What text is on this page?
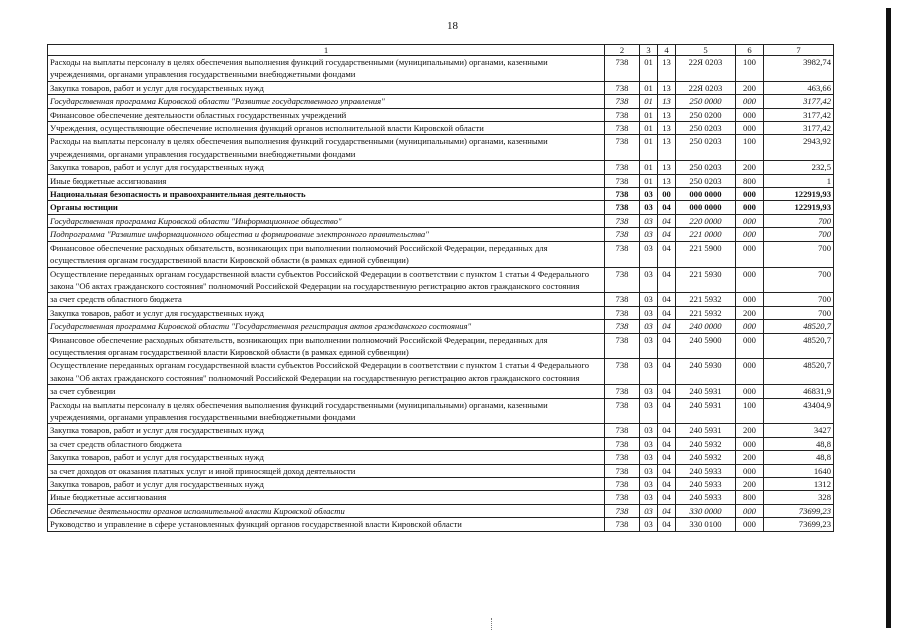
18
1	2	3	4	5	6	7
Расходы на выплаты персоналу в целях обеспечения выполнения функций государственными (муниципальными) органами, казенными учреждениями, органами управления государственными внебюджетными фондами	738	01	13	22Я 0203	100	3982,74
Закупка товаров, работ и услуг для государственных нужд	738	01	13	22Я 0203	200	463,66
Государственная программа Кировской области "Развитие государственного управления"	738	01	13	250 0000	000	3177,42
Финансовое обеспечение деятельности областных государственных учреждений	738	01	13	250 0200	000	3177,42
Учреждения, осуществляющие обеспечение исполнения функций органов исполнительной власти Кировской области	738	01	13	250 0203	000	3177,42
Расходы на выплаты персоналу в целях обеспечения выполнения функций государственными (муниципальными) органами, казенными учреждениями, органами управления государственными внебюджетными фондами	738	01	13	250 0203	100	2943,92
Закупка товаров, работ и услуг для государственных нужд	738	01	13	250 0203	200	232,5
Иные бюджетные ассигнования	738	01	13	250 0203	800	1
Национальная безопасность и правоохранительная деятельность	738	03	00	000 0000	000	122919,93
Органы юстиции	738	03	04	000 0000	000	122919,93
Государственная программа Кировской области "Информационное общество"	738	03	04	220 0000	000	700
Подпрограмма "Развитие информационного общества и формирование электронного правительства"	738	03	04	221 0000	000	700
Финансовое обеспечение расходных обязательств, возникающих при выполнении полномочий Российской Федерации, переданных для осуществления органам государственной власти Кировской области (в рамках единой субвенции)	738	03	04	221 5900	000	700
Осуществление переданных органам государственной власти субъектов Российской Федерации в соответствии с пунктом 1 статьи 4 Федерального закона "Об актах гражданского состояния" полномочий Российской Федерации на государственную регистрацию актов гражданского состояния	738	03	04	221 5930	000	700
за счет средств областного бюджета	738	03	04	221 5932	000	700
Закупка товаров, работ и услуг для государственных нужд	738	03	04	221 5932	200	700
Государственная программа Кировской области "Государственная регистрация актов гражданского состояния"	738	03	04	240 0000	000	48520,7
Финансовое обеспечение расходных обязательств, возникающих при выполнении полномочий Российской Федерации, переданных для осуществления органам государственной власти Кировской области (в рамках единой субвенции)	738	03	04	240 5900	000	48520,7
Осуществление переданных органам государственной власти субъектов Российской Федерации в соответствии с пунктом 1 статьи 4 Федерального закона "Об актах гражданского состояния" полномочий Российской Федерации на государственную регистрацию актов гражданского состояния	738	03	04	240 5930	000	48520,7
за счет субвенции	738	03	04	240 5931	000	46831,9
Расходы на выплаты персоналу в целях обеспечения выполнения функций государственными (муниципальными) органами, казенными учреждениями, органами управления государственными внебюджетными фондами	738	03	04	240 5931	100	43404,9
Закупка товаров, работ и услуг для государственных нужд	738	03	04	240 5931	200	3427
за счет средств областного бюджета	738	03	04	240 5932	000	48,8
Закупка товаров, работ и услуг для государственных нужд	738	03	04	240 5932	200	48,8
за счет доходов от оказания платных услуг и иной приносящей доход деятельности	738	03	04	240 5933	000	1640
Закупка товаров, работ и услуг для государственных нужд	738	03	04	240 5933	200	1312
Иные бюджетные ассигнования	738	03	04	240 5933	800	328
Обеспечение деятельности органов исполнительной власти Кировской области	738	03	04	330 0000	000	73699,23
Руководство и управление в сфере установленных функций органов государственной власти Кировской области	738	03	04	330 0100	000	73699,23
